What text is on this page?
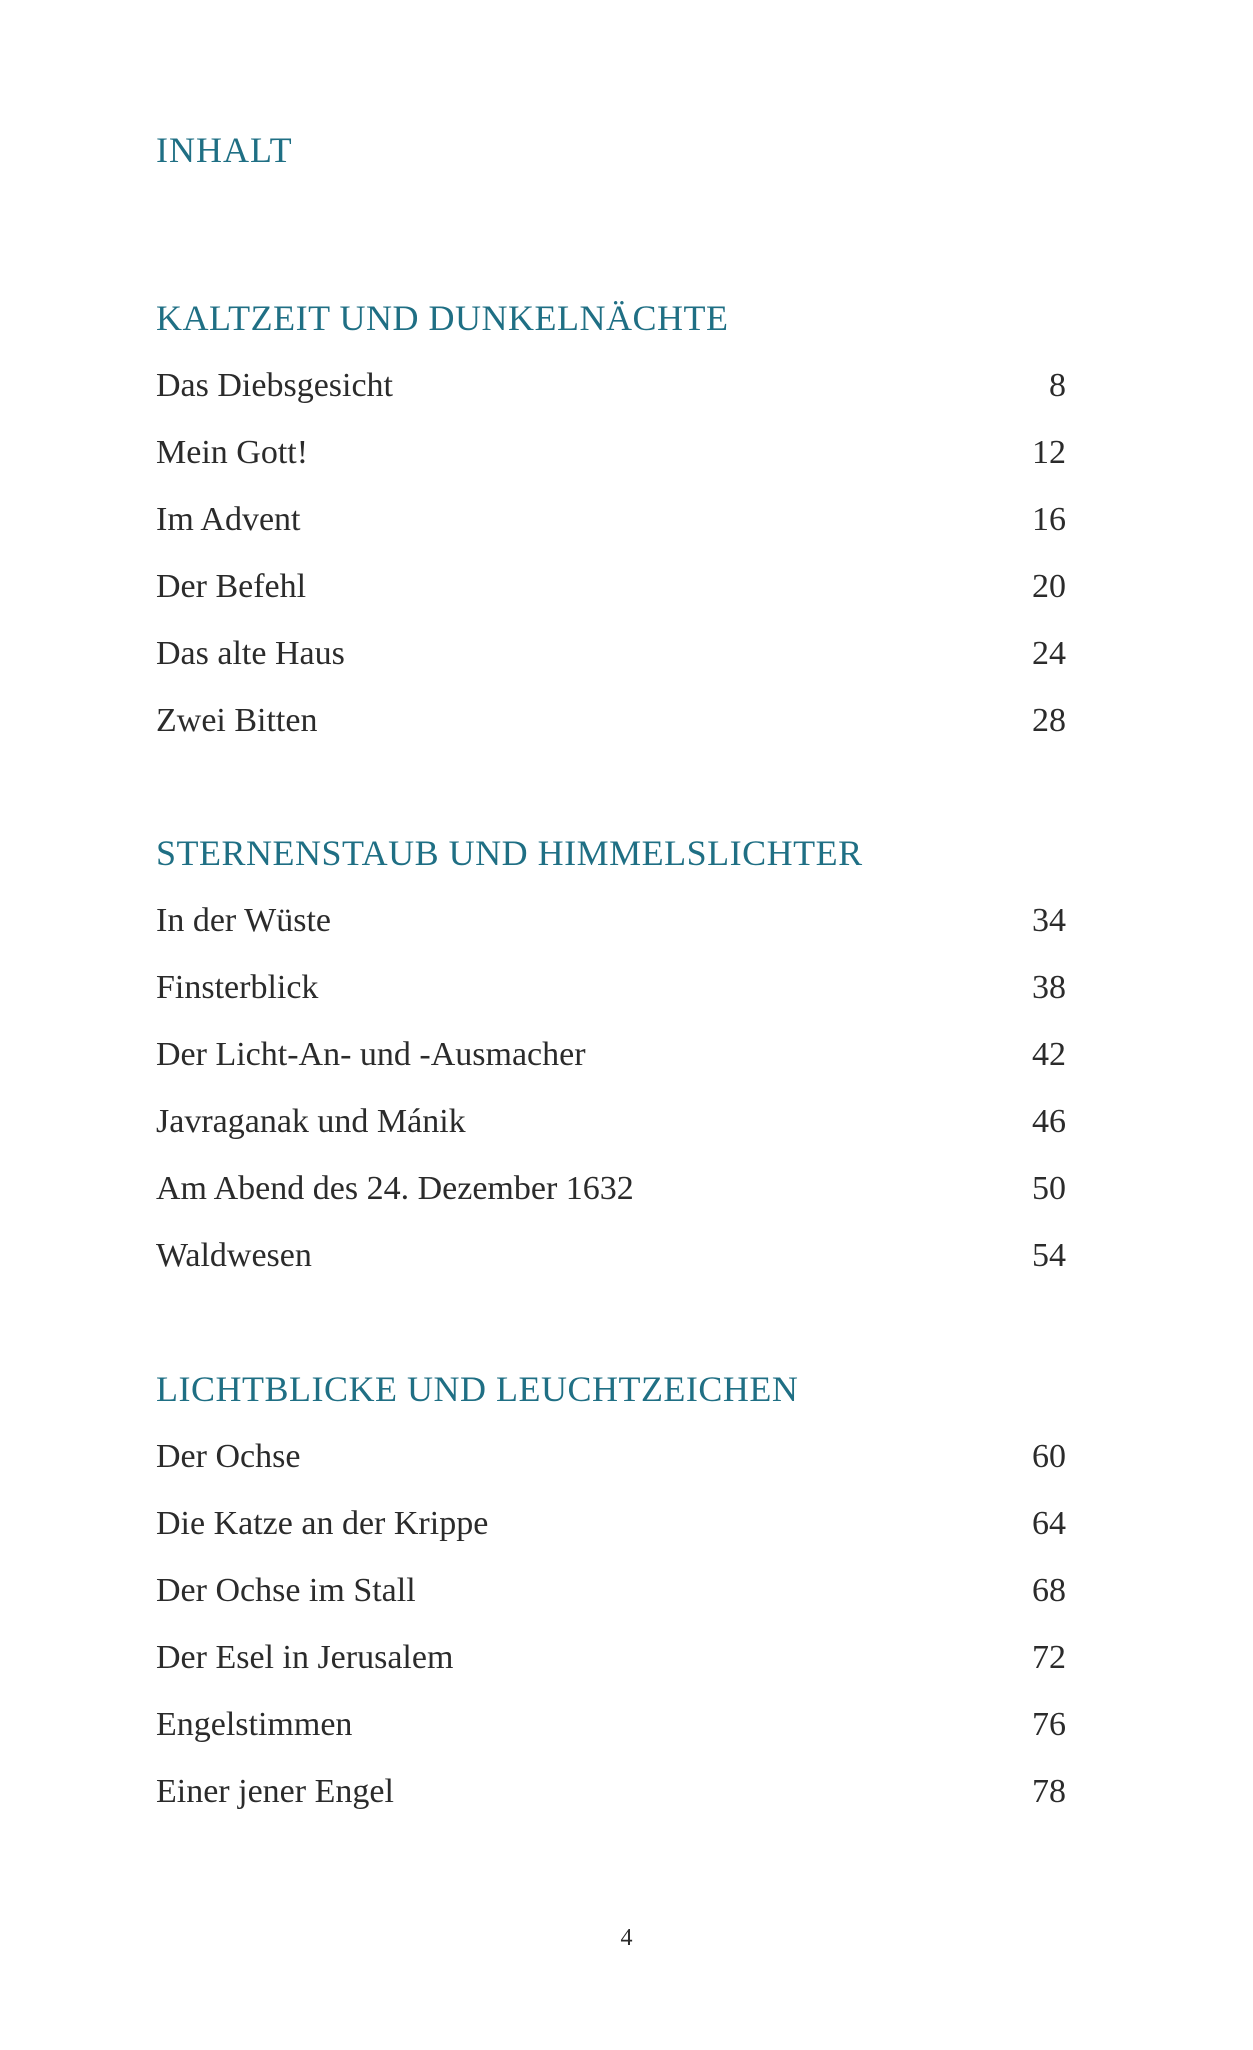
INHALT
KALTZEIT UND DUNKELNÄCHTE
Das Diebsgesicht	8
Mein Gott!	12
Im Advent	16
Der Befehl	20
Das alte Haus	24
Zwei Bitten	28
STERNENSTAUB UND HIMMELSLICHTER
In der Wüste	34
Finsterblick	38
Der Licht-An- und -Ausmacher	42
Javraganak und Mánik	46
Am Abend des 24. Dezember 1632	50
Waldwesen	54
LICHTBLICKE UND LEUCHTZEICHEN
Der Ochse	60
Die Katze an der Krippe	64
Der Ochse im Stall	68
Der Esel in Jerusalem	72
Engelstimmen	76
Einer jener Engel	78
4
